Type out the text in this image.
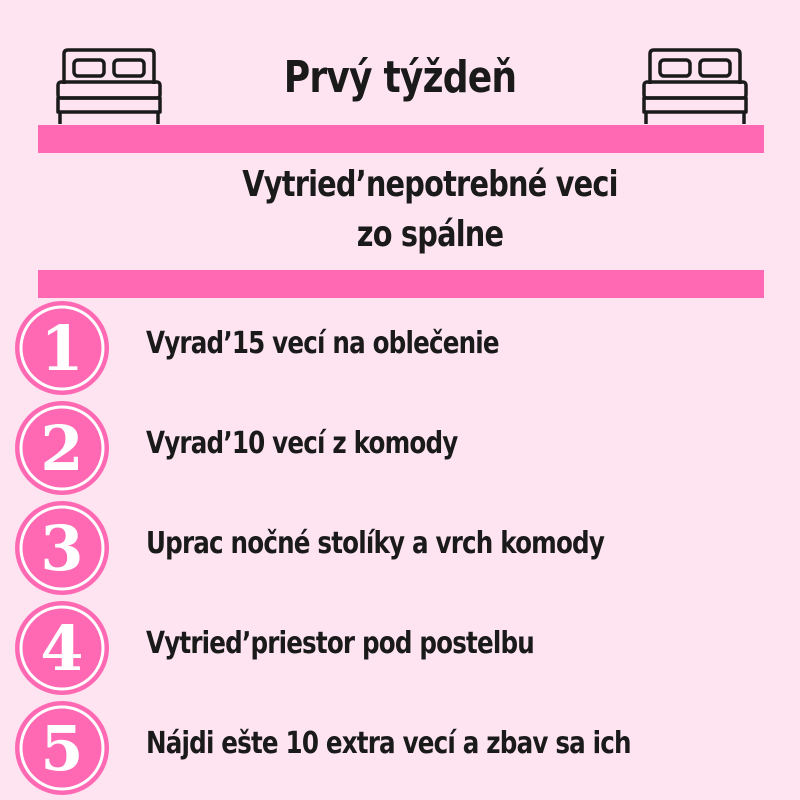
Prvý týždeň
Vytried’nepotrebné veci
zo spálne
1 Vyrad’15 vecí na oblečenie
2 Vyrad’10 vecí z komody
3 Uprac nočné stolíky a vrch komody
4 Vytried’priestor pod postelbu
5 Nájdi ešte 10 extra vecí a zbav sa ich
